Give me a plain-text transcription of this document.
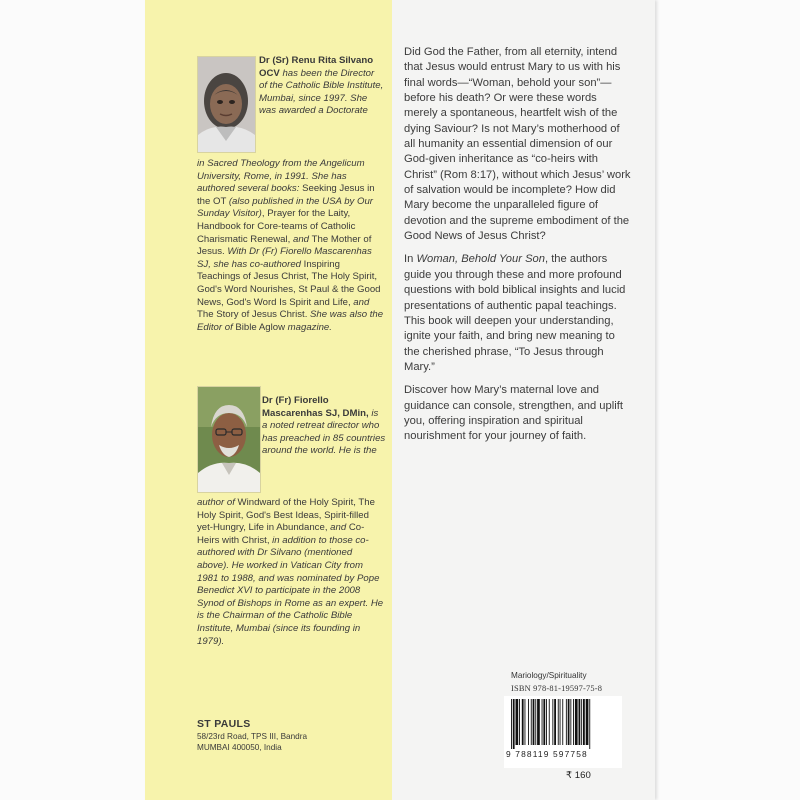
Dr (Sr) Renu Rita Silvano OCV has been the Director of the Catholic Bible Institute, Mumbai, since 1997. She was awarded a Doctorate
in Sacred Theology from the Angelicum University, Rome, in 1991. She has authored several books: Seeking Jesus in the OT (also published in the USA by Our Sunday Visitor), Prayer for the Laity, Handbook for Core-teams of Catholic Charismatic Renewal, and The Mother of Jesus. With Dr (Fr) Fiorello Mascarenhas SJ, she has co-authored Inspiring Teachings of Jesus Christ, The Holy Spirit, God's Word Nourishes, St Paul & the Good News, God's Word Is Spirit and Life, and The Story of Jesus Christ. She was also the Editor of Bible Aglow magazine.
Dr (Fr) Fiorello Mascarenhas SJ, DMin, is a noted retreat director who has preached in 85 countries around the world. He is the
author of Windward of the Holy Spirit, The Holy Spirit, God's Best Ideas, Spirit-filled yet-Hungry, Life in Abundance, and Co-Heirs with Christ, in addition to those co-authored with Dr Silvano (mentioned above). He worked in Vatican City from 1981 to 1988, and was nominated by Pope Benedict XVI to participate in the 2008 Synod of Bishops in Rome as an expert. He is the Chairman of the Catholic Bible Institute, Mumbai (since its founding in 1979).
ST PAULS
58/23rd Road, TPS III, Bandra
MUMBAI 400050, India

Did God the Father, from all eternity, intend that Jesus would entrust Mary to us with his final words—“Woman, behold your son”—before his death? Or were these words merely a spontaneous, heartfelt wish of the dying Saviour? Is not Mary’s motherhood of all humanity an essential dimension of our God-given inheritance as “co-heirs with Christ” (Rom 8:17), without which Jesus’ work of salvation would be incomplete? How did Mary become the unparalleled figure of devotion and the supreme embodiment of the Good News of Jesus Christ?

In Woman, Behold Your Son, the authors guide you through these and more profound questions with bold biblical insights and lucid presentations of authentic papal teachings. This book will deepen your understanding, ignite your faith, and bring new meaning to the cherished phrase, “To Jesus through Mary.”

Discover how Mary’s maternal love and guidance can console, strengthen, and uplift you, offering inspiration and spiritual nourishment for your journey of faith.

Mariology/Spirituality
ISBN 978-81-19597-75-8
9 788119 597758
₹ 160
